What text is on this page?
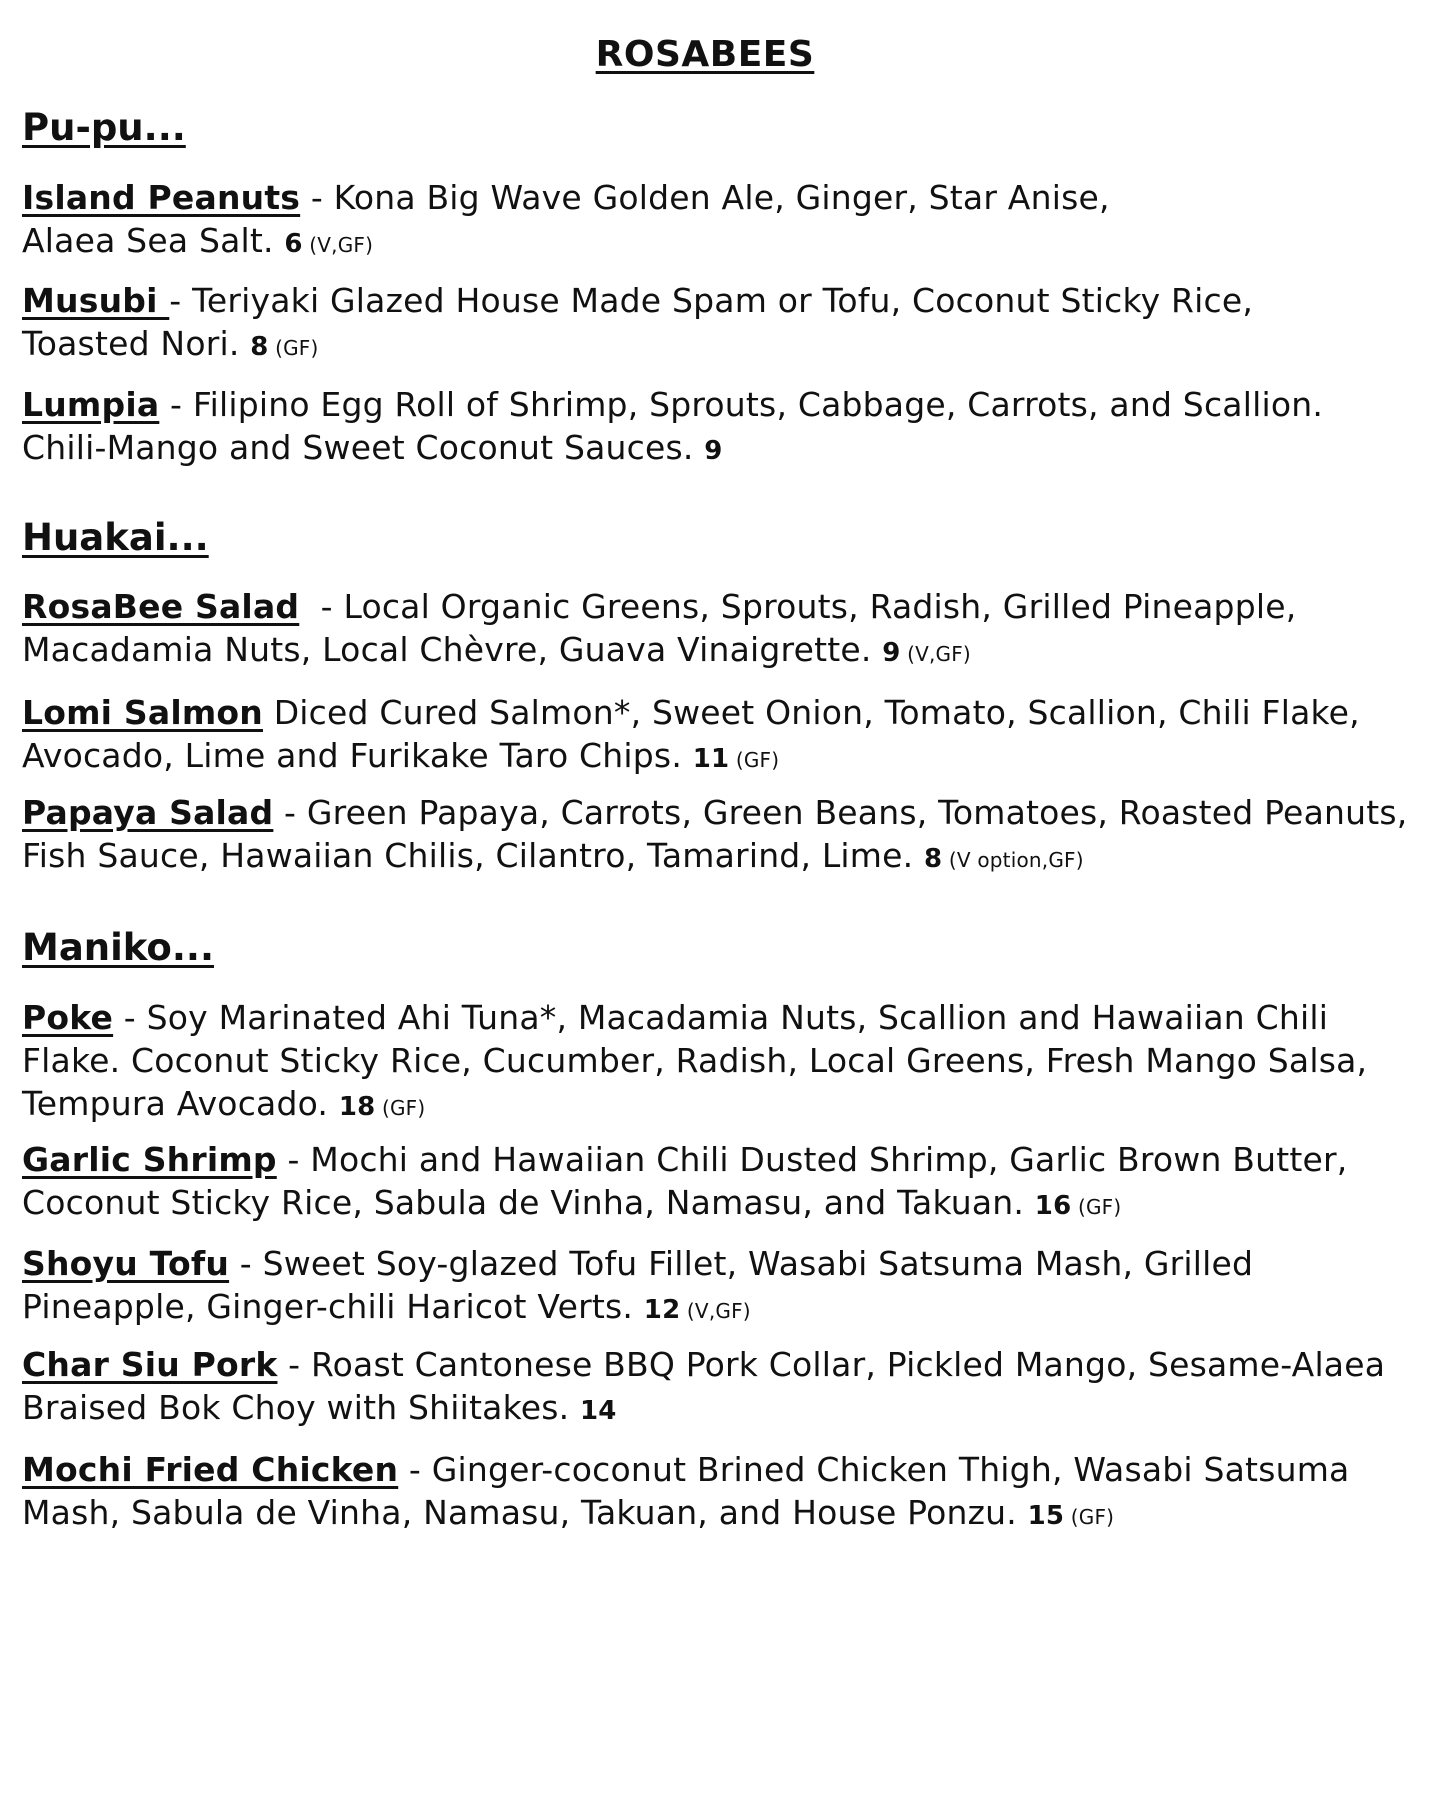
ROSABEES
Pu-pu...
Island Peanuts - Kona Big Wave Golden Ale, Ginger, Star Anise, Alaea Sea Salt. 6 (V,GF)
Musubi - Teriyaki Glazed House Made Spam or Tofu, Coconut Sticky Rice, Toasted Nori. 8 (GF)
Lumpia - Filipino Egg Roll of Shrimp, Sprouts, Cabbage, Carrots, and Scallion. Chili-Mango and Sweet Coconut Sauces. 9
Huakai...
RosaBee Salad  - Local Organic Greens, Sprouts, Radish, Grilled Pineapple, Macadamia Nuts, Local Chèvre, Guava Vinaigrette. 9 (V,GF)
Lomi Salmon Diced Cured Salmon*, Sweet Onion, Tomato, Scallion, Chili Flake, Avocado, Lime and Furikake Taro Chips. 11 (GF)
Papaya Salad - Green Papaya, Carrots, Green Beans, Tomatoes, Roasted Peanuts, Fish Sauce, Hawaiian Chilis, Cilantro, Tamarind, Lime. 8 (V option,GF)
Maniko...
Poke - Soy Marinated Ahi Tuna*, Macadamia Nuts, Scallion and Hawaiian Chili Flake. Coconut Sticky Rice, Cucumber, Radish, Local Greens, Fresh Mango Salsa, Tempura Avocado. 18 (GF)
Garlic Shrimp - Mochi and Hawaiian Chili Dusted Shrimp, Garlic Brown Butter, Coconut Sticky Rice, Sabula de Vinha, Namasu, and Takuan. 16 (GF)
Shoyu Tofu - Sweet Soy-glazed Tofu Fillet, Wasabi Satsuma Mash, Grilled Pineapple, Ginger-chili Haricot Verts. 12 (V,GF)
Char Siu Pork - Roast Cantonese BBQ Pork Collar, Pickled Mango, Sesame-Alaea Braised Bok Choy with Shiitakes. 14
Mochi Fried Chicken - Ginger-coconut Brined Chicken Thigh, Wasabi Satsuma Mash, Sabula de Vinha, Namasu, Takuan, and House Ponzu. 15 (GF)
